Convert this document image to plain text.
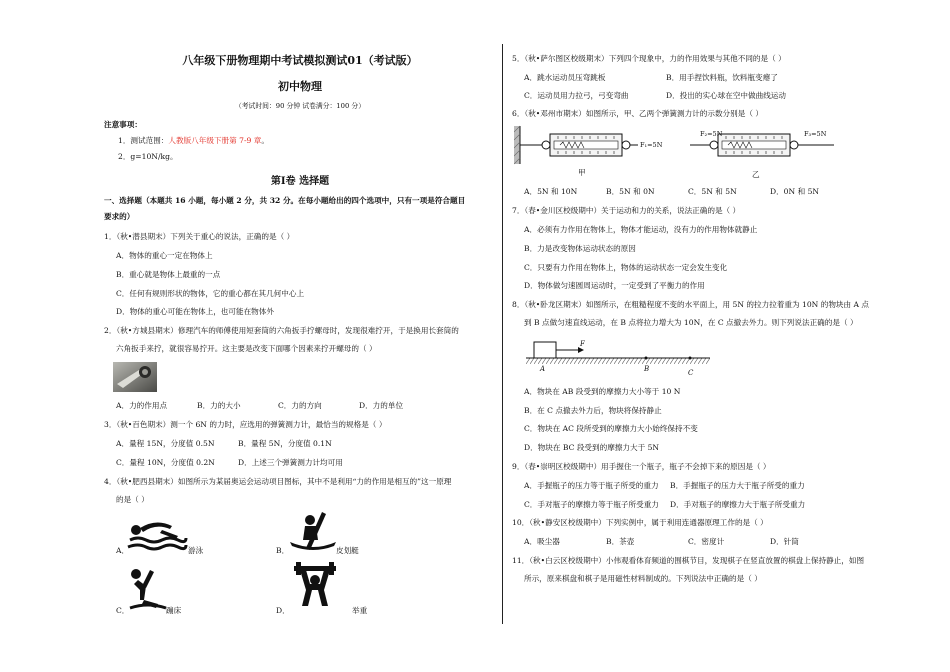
八年级下册物理期中考试模拟测试01（考试版）
初中物理
（考试时间：90 分钟 试卷满分：100 分）
注意事项：
1．测试范围：人教版八年级下册第 7-9 章。
2．g=10N/kg。
第Ⅰ卷 选择题
一、选择题（本题共 16 小题，每小题 2 分，共 32 分。在每小题给出的四个选项中，只有一项是符合题目
要求的）
1．（秋•潜县期末）下列关于重心的说法，正确的是（ ）
A．物体的重心一定在物体上
B．重心就是物体上最重的一点
C．任何有规则形状的物体，它的重心都在其几何中心上
D．物体的重心可能在物体上，也可能在物体外
2．（秋•方城县期末）修理汽车的师傅使用短套筒的六角扳手拧螺母时，发现很难拧开，于是换用长套筒的
六角扳手来拧，就很容易拧开。这主要是改变下面哪个因素来拧开螺母的（ ）
A．力的作用点	B．力的大小	C．力的方向	D．力的单位
3．（秋•百色期末）测一个 6N 的力时，应选用的弹簧测力计，最恰当的规格是（ ）
A．量程 15N，分度值 0.5N	B．量程 5N，分度值 0.1N
C．量程 10N，分度值 0.2N	D．上述三个弹簧测力计均可用
4．（秋•肥西县期末）如图所示为某届奥运会运动项目图标，其中不是利用“力的作用是相互的”这一原理
的是（ ）
A．	游泳	B．	皮划艇
C．	蹦床	D．	举重
5．（秋•萨尔图区校级期末）下列四个现象中，力的作用效果与其他不同的是（ ）
A．跳水运动员压弯跳板	B．用手捏饮料瓶，饮料瓶变瘪了
C．运动员用力拉弓，弓变弯曲	D．投出的实心球在空中做曲线运动
6．（秋•邓州市期末）如图所示，甲、乙两个弹簧测力计的示数分别是（ ）
F₁=5N
甲
F₂=5N	F₃=5N
乙
A．5N 和 10N	B．5N 和 0N	C．5N 和 5N	D．0N 和 5N
7．（春•金川区校级期中）关于运动和力的关系，说法正确的是（ ）
A．必须有力作用在物体上，物体才能运动，没有力的作用物体就静止
B．力是改变物体运动状态的原因
C．只要有力作用在物体上，物体的运动状态一定会发生变化
D．物体做匀速圆周运动时，一定受到了平衡力的作用
8．（秋•卧龙区期末）如图所示，在粗糙程度不变的水平面上，用 5N 的拉力拉着重为 10N 的物块由 A 点
到 B 点做匀速直线运动，在 B 点将拉力增大为 10N，在 C 点撤去外力。则下列说法正确的是（ ）
F
A	B	C
A．物块在 AB 段受到的摩擦力大小等于 10 N
B．在 C 点撤去外力后，物块将保持静止
C．物块在 AC 段所受到的摩擦力大小始终保持不变
D．物块在 BC 段受到的摩擦力大于 5N
9．（春•崇明区校级期中）用手握住一个瓶子，瓶子不会掉下来的原因是（ ）
A．手握瓶子的压力等于瓶子所受的重力 B．手握瓶子的压力大于瓶子所受的重力
C．手对瓶子的摩擦力等于瓶子所受重力 D．手对瓶子的摩擦力大于瓶子所受重力
10．（秋•静安区校级期中）下列实例中，属于利用连通器原理工作的是（ ）
A．吸尘器	B．茶壶	C．密度计	D．针筒
11．（秋•白云区校级期中）小伟观看体育频道的围棋节目，发现棋子在竖直放置的棋盘上保持静止，如图
所示，原来棋盘和棋子是用磁性材料制成的。下列说法中正确的是（ ）
